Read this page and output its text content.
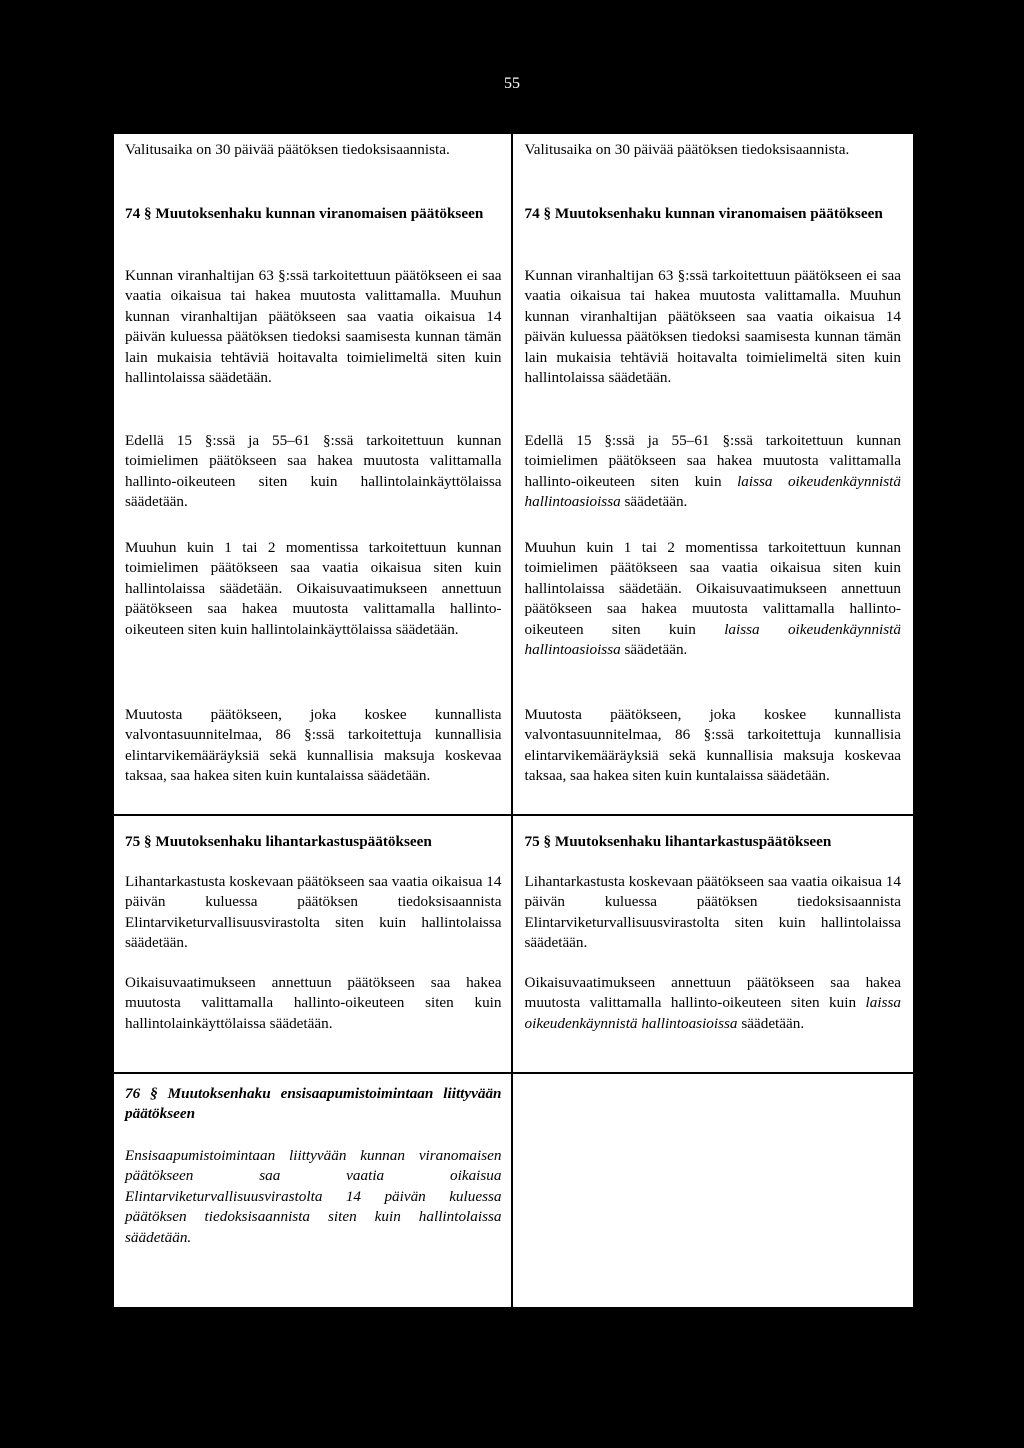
55

Valitusaika on 30 päivää päätöksen tiedoksisaannista.

74 § Muutoksenhaku kunnan viranomaisen päätökseen

Kunnan viranhaltijan 63 §:ssä tarkoitettuun päätökseen ei saa vaatia oikaisua tai hakea muutosta valittamalla. Muuhun kunnan viranhaltijan päätökseen saa vaatia oikaisua 14 päivän kuluessa päätöksen tiedoksi saamisesta kunnan tämän lain mukaisia tehtäviä hoitavalta toimielimeltä siten kuin hallintolaissa säädetään.

Edellä 15 §:ssä ja 55–61 §:ssä tarkoitettuun kunnan toimielimen päätökseen saa hakea muutosta valittamalla hallinto-oikeuteen siten kuin hallintolainkäyttölaissa säädetään.

Muuhun kuin 1 tai 2 momentissa tarkoitettuun kunnan toimielimen päätökseen saa vaatia oikaisua siten kuin hallintolaissa säädetään. Oikaisuvaatimukseen annettuun päätökseen saa hakea muutosta valittamalla hallinto-oikeuteen siten kuin hallintolainkäyttölaissa säädetään.

Muutosta päätökseen, joka koskee kunnallista valvontasuunnitelmaa, 86 §:ssä tarkoitettuja kunnallisia elintarvikemääräyksiä sekä kunnallisia maksuja koskevaa taksaa, saa hakea siten kuin kuntalaissa säädetään.

75 § Muutoksenhaku lihantarkastuspäätökseen

Lihantarkastusta koskevaan päätökseen saa vaatia oikaisua 14 päivän kuluessa päätöksen tiedoksisaannista Elintarviketurvallisuusvirastolta siten kuin hallintolaissa säädetään.

Oikaisuvaatimukseen annettuun päätökseen saa hakea muutosta valittamalla hallinto-oikeuteen siten kuin hallintolainkäyttölaissa säädetään.

76 § Muutoksenhaku ensisaapumistoimintaan liittyvään päätökseen

Ensisaapumistoimintaan liittyvään kunnan viranomaisen päätökseen saa vaatia oikaisua Elintarviketurvallisuusvirastolta 14 päivän kuluessa päätöksen tiedoksisaannista siten kuin hallintolaissa säädetään.

Valitusaika on 30 päivää päätöksen tiedoksisaannista.

74 § Muutoksenhaku kunnan viranomaisen päätökseen

Kunnan viranhaltijan 63 §:ssä tarkoitettuun päätökseen ei saa vaatia oikaisua tai hakea muutosta valittamalla. Muuhun kunnan viranhaltijan päätökseen saa vaatia oikaisua 14 päivän kuluessa päätöksen tiedoksi saamisesta kunnan tämän lain mukaisia tehtäviä hoitavalta toimielimeltä siten kuin hallintolaissa säädetään.

Edellä 15 §:ssä ja 55–61 §:ssä tarkoitettuun kunnan toimielimen päätökseen saa hakea muutosta valittamalla hallinto-oikeuteen siten kuin laissa oikeudenkäynnistä hallintoasioissa säädetään.

Muuhun kuin 1 tai 2 momentissa tarkoitettuun kunnan toimielimen päätökseen saa vaatia oikaisua siten kuin hallintolaissa säädetään. Oikaisuvaatimukseen annettuun päätökseen saa hakea muutosta valittamalla hallinto-oikeuteen siten kuin laissa oikeudenkäynnistä hallintoasioissa säädetään.

Muutosta päätökseen, joka koskee kunnallista valvontasuunnitelmaa, 86 §:ssä tarkoitettuja kunnallisia elintarvikemääräyksiä sekä kunnallisia maksuja koskevaa taksaa, saa hakea siten kuin kuntalaissa säädetään.

75 § Muutoksenhaku lihantarkastuspäätökseen

Lihantarkastusta koskevaan päätökseen saa vaatia oikaisua 14 päivän kuluessa päätöksen tiedoksisaannista Elintarviketurvallisuusvirastolta siten kuin hallintolaissa säädetään.

Oikaisuvaatimukseen annettuun päätökseen saa hakea muutosta valittamalla hallinto-oikeuteen siten kuin laissa oikeudenkäynnistä hallintoasioissa säädetään.
